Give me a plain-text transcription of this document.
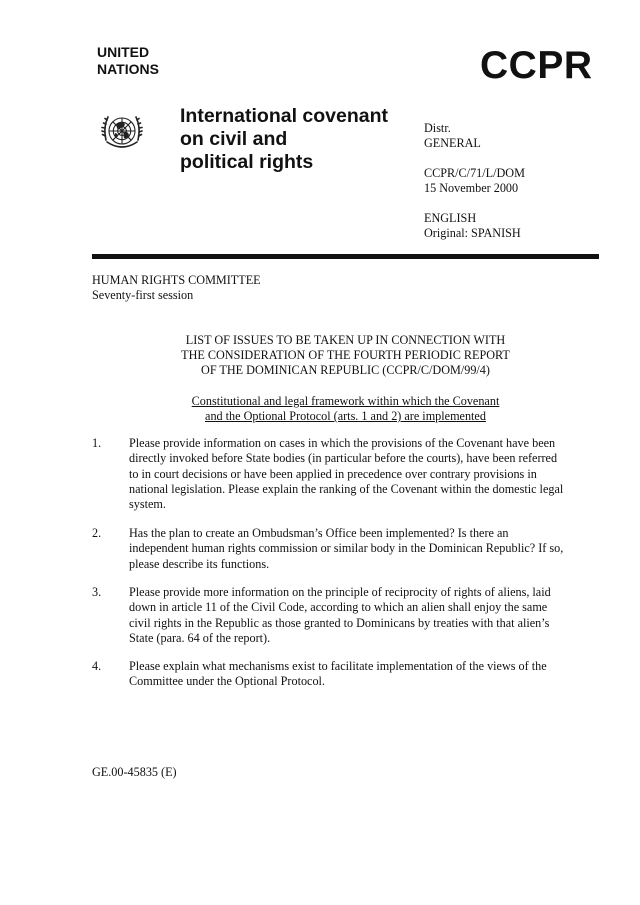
UNITED
NATIONS	CCPR
International covenant
on civil and
political rights
Distr.
GENERAL
CCPR/C/71/L/DOM
15 November 2000
ENGLISH
Original: SPANISH
HUMAN RIGHTS COMMITTEE
Seventy-first session
LIST OF ISSUES TO BE TAKEN UP IN CONNECTION WITH
THE CONSIDERATION OF THE FOURTH PERIODIC REPORT
OF THE DOMINICAN REPUBLIC (CCPR/C/DOM/99/4)
Constitutional and legal framework within which the Covenant
and the Optional Protocol (arts. 1 and 2) are implemented
1. Please provide information on cases in which the provisions of the Covenant have been
directly invoked before State bodies (in particular before the courts), have been referred
to in court decisions or have been applied in precedence over contrary provisions in
national legislation. Please explain the ranking of the Covenant within the domestic legal
system.
2. Has the plan to create an Ombudsman’s Office been implemented? Is there an
independent human rights commission or similar body in the Dominican Republic? If so,
please describe its functions.
3. Please provide more information on the principle of reciprocity of rights of aliens, laid
down in article 11 of the Civil Code, according to which an alien shall enjoy the same
civil rights in the Republic as those granted to Dominicans by treaties with that alien’s
State (para. 64 of the report).
4. Please explain what mechanisms exist to facilitate implementation of the views of the
Committee under the Optional Protocol.
GE.00-45835 (E)
